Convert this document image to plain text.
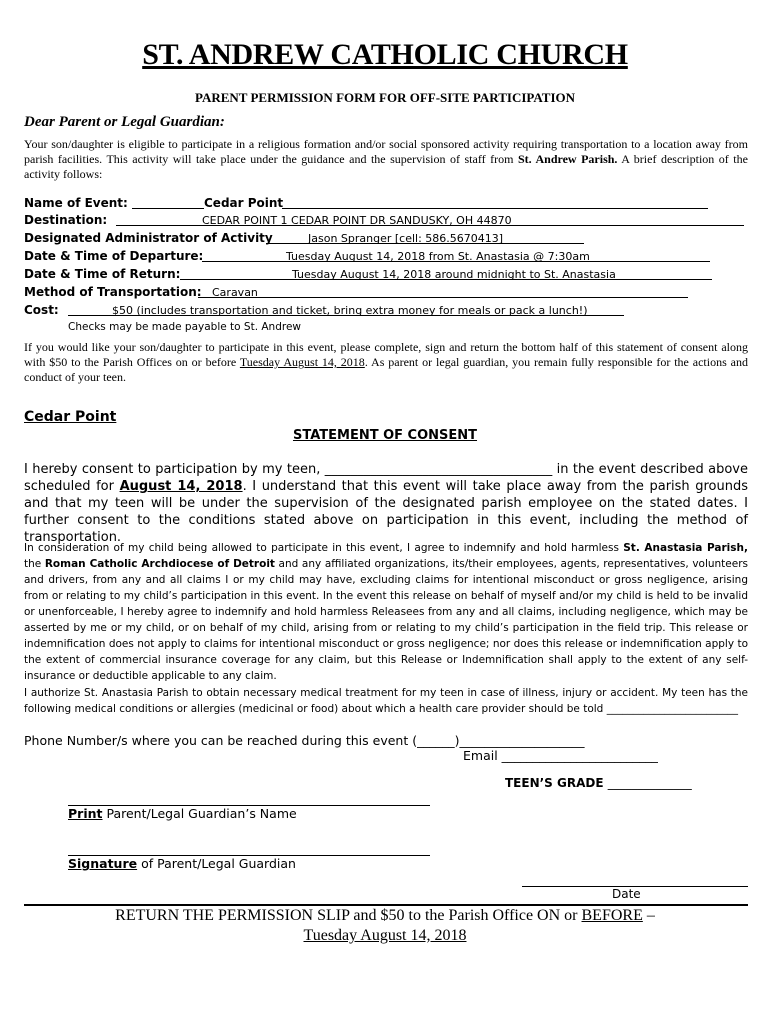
ST. ANDREW CATHOLIC CHURCH
PARENT PERMISSION FORM FOR OFF-SITE PARTICIPATION
Dear Parent or Legal Guardian:
Your son/daughter is eligible to participate in a religious formation and/or social sponsored activity requiring transportation to a location away from parish facilities. This activity will take place under the guidance and the supervision of staff from St. Andrew Parish. A brief description of the activity follows:
Name of Event:	Cedar Point
Destination:	CEDAR POINT 1 CEDAR POINT DR SANDUSKY, OH 44870
Designated Administrator of Activity	Jason Spranger [cell: 586.5670413]
Date & Time of Departure:	Tuesday August 14, 2018 from St. Anastasia @ 7:30am
Date & Time of Return:	Tuesday August 14, 2018 around midnight to St. Anastasia
Method of Transportation: Caravan
Cost:	$50 (includes transportation and ticket, bring extra money for meals or pack a lunch!)
Checks may be made payable to St. Andrew
If you would like your son/daughter to participate in this event, please complete, sign and return the bottom half of this statement of consent along with $50 to the Parish Offices on or before Tuesday August 14, 2018. As parent or legal guardian, you remain fully responsible for the actions and conduct of your teen.
Cedar Point
STATEMENT OF CONSENT
I hereby consent to participation by my teen, ___________________________________ in the event described above scheduled for August 14, 2018. I understand that this event will take place away from the parish grounds and that my teen will be under the supervision of the designated parish employee on the stated dates. I further consent to the conditions stated above on participation in this event, including the method of transportation.
In consideration of my child being allowed to participate in this event, I agree to indemnify and hold harmless St. Anastasia Parish, the Roman Catholic Archdiocese of Detroit and any affiliated organizations, its/their employees, agents, representatives, volunteers and drivers, from any and all claims I or my child may have, excluding claims for intentional misconduct or gross negligence, arising from or relating to my child’s participation in this event. In the event this release on behalf of myself and/or my child is held to be invalid or unenforceable, I hereby agree to indemnify and hold harmless Releasees from any and all claims, including negligence, which may be asserted by me or my child, or on behalf of my child, arising from or relating to my child’s participation in the field trip. This release or indemnification does not apply to claims for intentional misconduct or gross negligence; nor does this release or indemnification apply to the extent of commercial insurance coverage for any claim, but this Release or Indemnification shall apply to the extent of any self-insurance or deductible applicable to any claim.
I authorize St. Anastasia Parish to obtain necessary medical treatment for my teen in case of illness, injury or accident. My teen has the following medical conditions or allergies (medicinal or food) about which a health care provider should be told _________________________
Phone Number/s where you can be reached during this event (______)____________________
Email _________________________
TEEN’S GRADE ______________
Print Parent/Legal Guardian’s Name
Signature of Parent/Legal Guardian
Date
RETURN THE PERMISSION SLIP and $50 to the Parish Office ON or BEFORE –
Tuesday August 14, 2018
